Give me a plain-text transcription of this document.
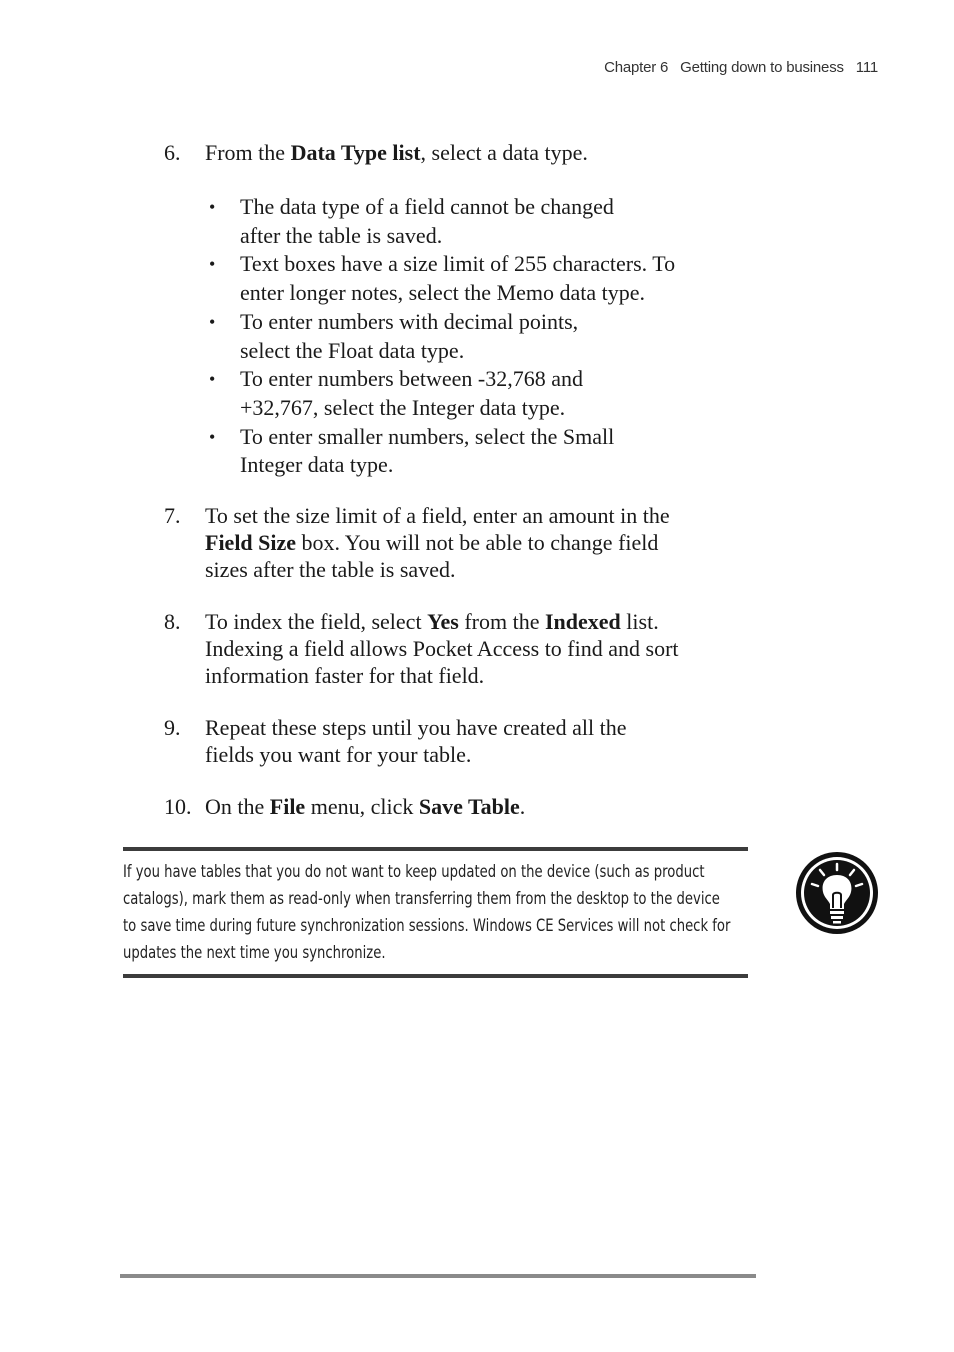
Chapter 6 Getting down to business 111
6. From the Data Type list, select a data type.
• The data type of a field cannot be changed
after the table is saved.
• Text boxes have a size limit of 255 characters. To
enter longer notes, select the Memo data type.
• To enter numbers with decimal points,
select the Float data type.
• To enter numbers between -32,768 and
+32,767, select the Integer data type.
• To enter smaller numbers, select the Small
Integer data type.
7. To set the size limit of a field, enter an amount in the
Field Size box. You will not be able to change field
sizes after the table is saved.
8. To index the field, select Yes from the Indexed list.
Indexing a field allows Pocket Access to find and sort
information faster for that field.
9. Repeat these steps until you have created all the
fields you want for your table.
10. On the File menu, click Save Table.
If you have tables that you do not want to keep updated on the device (such as product
catalogs), mark them as read-only when transferring them from the desktop to the device
to save time during future synchronization sessions. Windows CE Services will not check for
updates the next time you synchronize.
